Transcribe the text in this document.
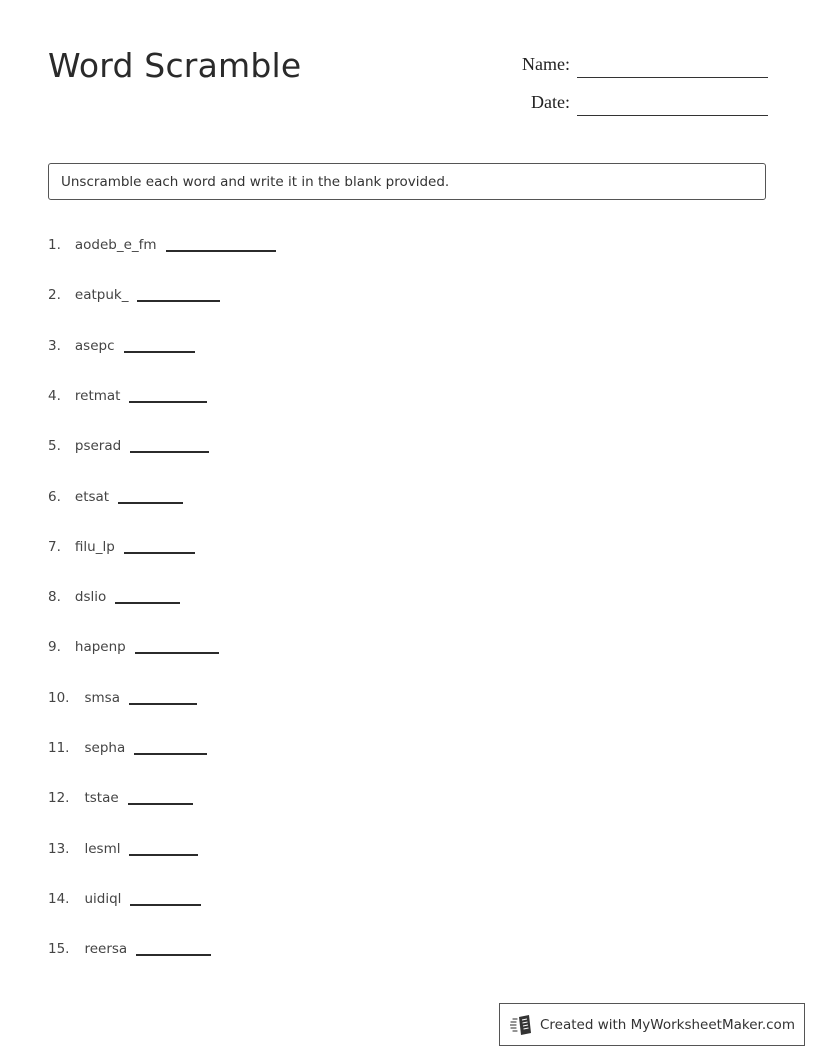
Word Scramble	Name:
Date:
Unscramble each word and write it in the blank provided.
1. aodeb_e_fm
2. eatpuk_
3. asepc
4. retmat
5. pserad
6. etsat
7. filu_lp
8. dslio
9. hapenp
10. smsa
11. sepha
12. tstae
13. lesml
14. uidiql
15. reersa
Created with MyWorksheetMaker.com
